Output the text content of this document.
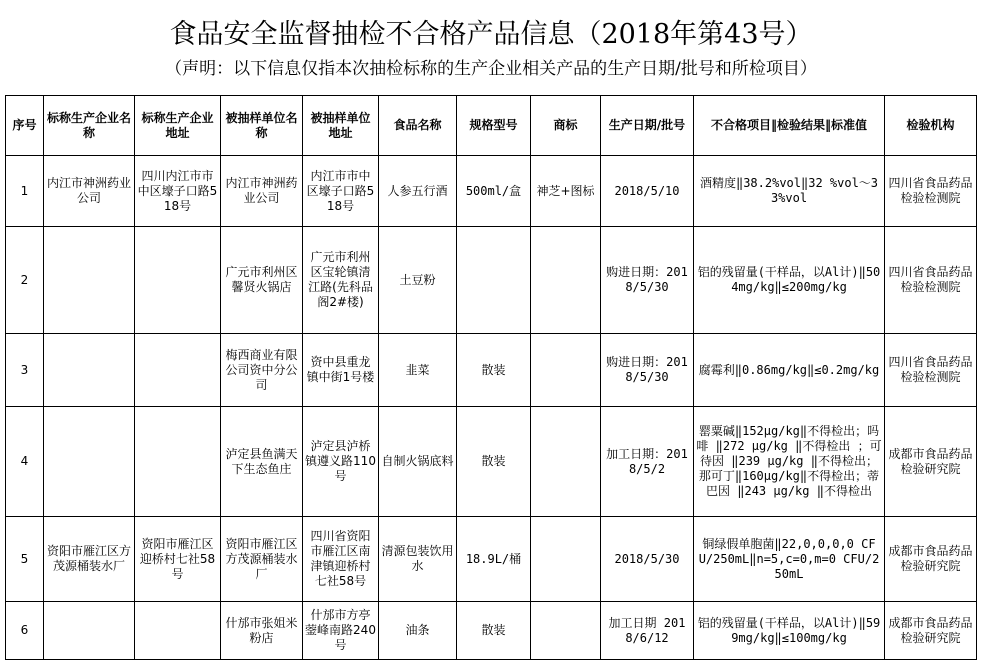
食品安全监督抽检不合格产品信息（2018年第43号）
（声明：以下信息仅指本次抽检标称的生产企业相关产品的生产日期/批号和所检项目）
序号	标称生产企业名称	标称生产企业地址	被抽样单位名称	被抽样单位地址	食品名称	规格型号	商标	生产日期/批号	不合格项目‖检验结果‖标准值	检验机构	
1	内江市神洲药业公司	四川内江市市中区壕子口路518号	内江市神洲药业公司	内江市市中区壕子口路518号	人参五行酒	500ml/盒	神芝+图标	2018/5/10	酒精度‖38.2%vol‖32 %vol～33%vol	四川省食品药品检验检测院	
2			广元市利州区馨贤火锅店	广元市利州区宝轮镇清江路(先科品阁2#楼)	土豆粉			购进日期：2018/5/30	铝的残留量(干样品，以Al计)‖504mg/kg‖≤200mg/kg	四川省食品药品检验检测院	
3			梅西商业有限公司资中分公司	资中县重龙镇中街1号楼	韭菜	散装		购进日期：2018/5/30	腐霉利‖0.86mg/kg‖≤0.2mg/kg	四川省食品药品检验检测院	
4			泸定县鱼满天下生态鱼庄	泸定县泸桥镇遵义路110号	自制火锅底料	散装		加工日期：2018/5/2	罂粟碱‖152μg/kg‖不得检出；吗啡 ‖272 μg/kg ‖不得检出 ；可待因 ‖239 μg/kg ‖不得检出；那可丁‖160μg/kg‖不得检出；蒂巴因 ‖243 μg/kg ‖不得检出	成都市食品药品检验研究院	
5	资阳市雁江区方茂源桶装水厂	资阳市雁江区迎桥村七社58号	资阳市雁江区方茂源桶装水厂	四川省资阳市雁江区南津镇迎桥村七社58号	清源包装饮用水	18.9L/桶		2018/5/30	铜绿假单胞菌‖22,0,0,0,0 CFU/250mL‖n=5,c=0,m=0 CFU/250mL	成都市食品药品检验研究院	
6			什邡市张姐米粉店	什邡市方亭蓥峰南路240号	油条	散装		加工日期 2018/6/12	铝的残留量(干样品，以Al计)‖599mg/kg‖≤100mg/kg	成都市食品药品检验研究院	
